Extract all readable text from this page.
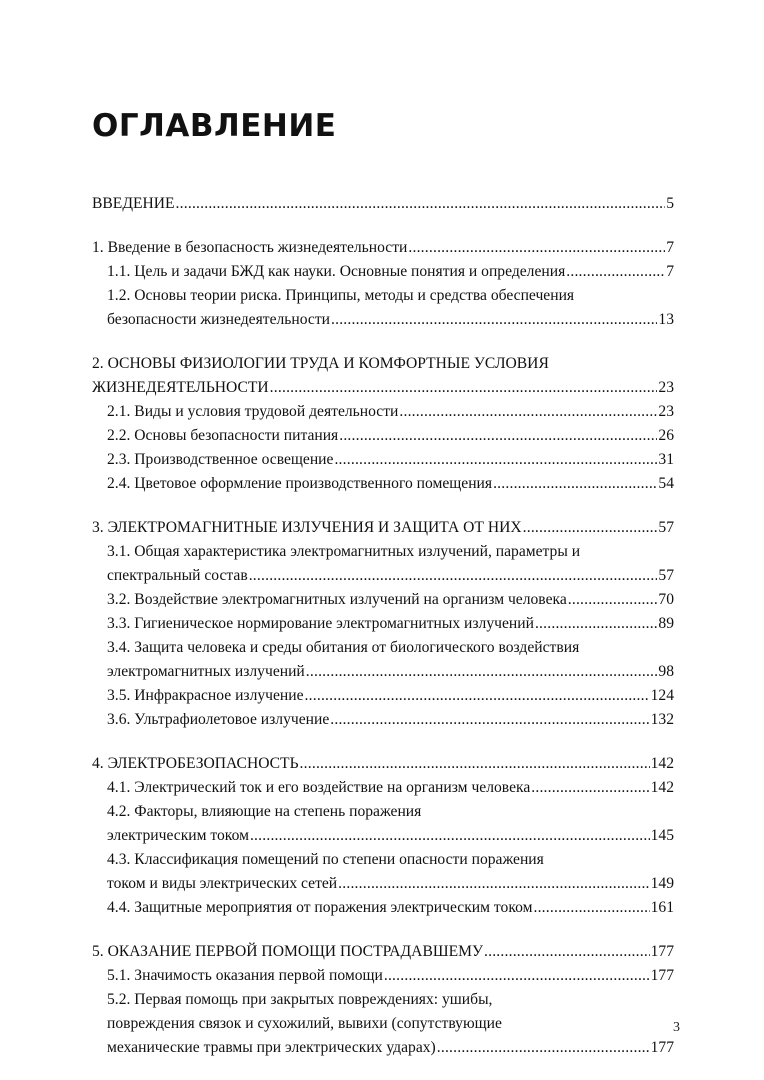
ОГЛАВЛЕНИЕ
ВВЕДЕНИЕ .....	5
1. Введение в безопасность жизнедеятельности .....	7
1.1. Цель и задачи БЖД как науки. Основные понятия и определения .....	7
1.2. Основы теории риска. Принципы, методы и средства обеспечения
безопасности жизнедеятельности .....	13
2. ОСНОВЫ ФИЗИОЛОГИИ ТРУДА И КОМФОРТНЫЕ УСЛОВИЯ
ЖИЗНЕДЕЯТЕЛЬНОСТИ .....	23
2.1. Виды и условия трудовой деятельности .....	23
2.2. Основы безопасности питания .....	26
2.3. Производственное освещение .....	31
2.4. Цветовое оформление производственного помещения .....	54
3. ЭЛЕКТРОМАГНИТНЫЕ ИЗЛУЧЕНИЯ И ЗАЩИТА ОТ НИХ .....	57
3.1. Общая характеристика электромагнитных излучений, параметры и
спектральный состав .....	57
3.2. Воздействие электромагнитных излучений на организм человека .....	70
3.3. Гигиеническое нормирование электромагнитных излучений .....	89
3.4. Защита человека и среды обитания от биологического воздействия
электромагнитных излучений .....	98
3.5. Инфракрасное излучение .....	124
3.6. Ультрафиолетовое излучение .....	132
4. ЭЛЕКТРОБЕЗОПАСНОСТЬ .....	142
4.1. Электрический ток и его воздействие на организм человека .....	142
4.2. Факторы, влияющие на степень поражения
электрическим током .....	145
4.3. Классификация помещений по степени опасности поражения
током и виды электрических сетей .....	149
4.4. Защитные мероприятия от поражения электрическим током .....	161
5. ОКАЗАНИЕ ПЕРВОЙ ПОМОЩИ ПОСТРАДАВШЕМУ .....	177
5.1. Значимость оказания первой помощи .....	177
5.2. Первая помощь при закрытых повреждениях: ушибы,
повреждения связок и сухожилий, вывихи (сопутствующие
механические травмы при электрических ударах) .....	177
3
